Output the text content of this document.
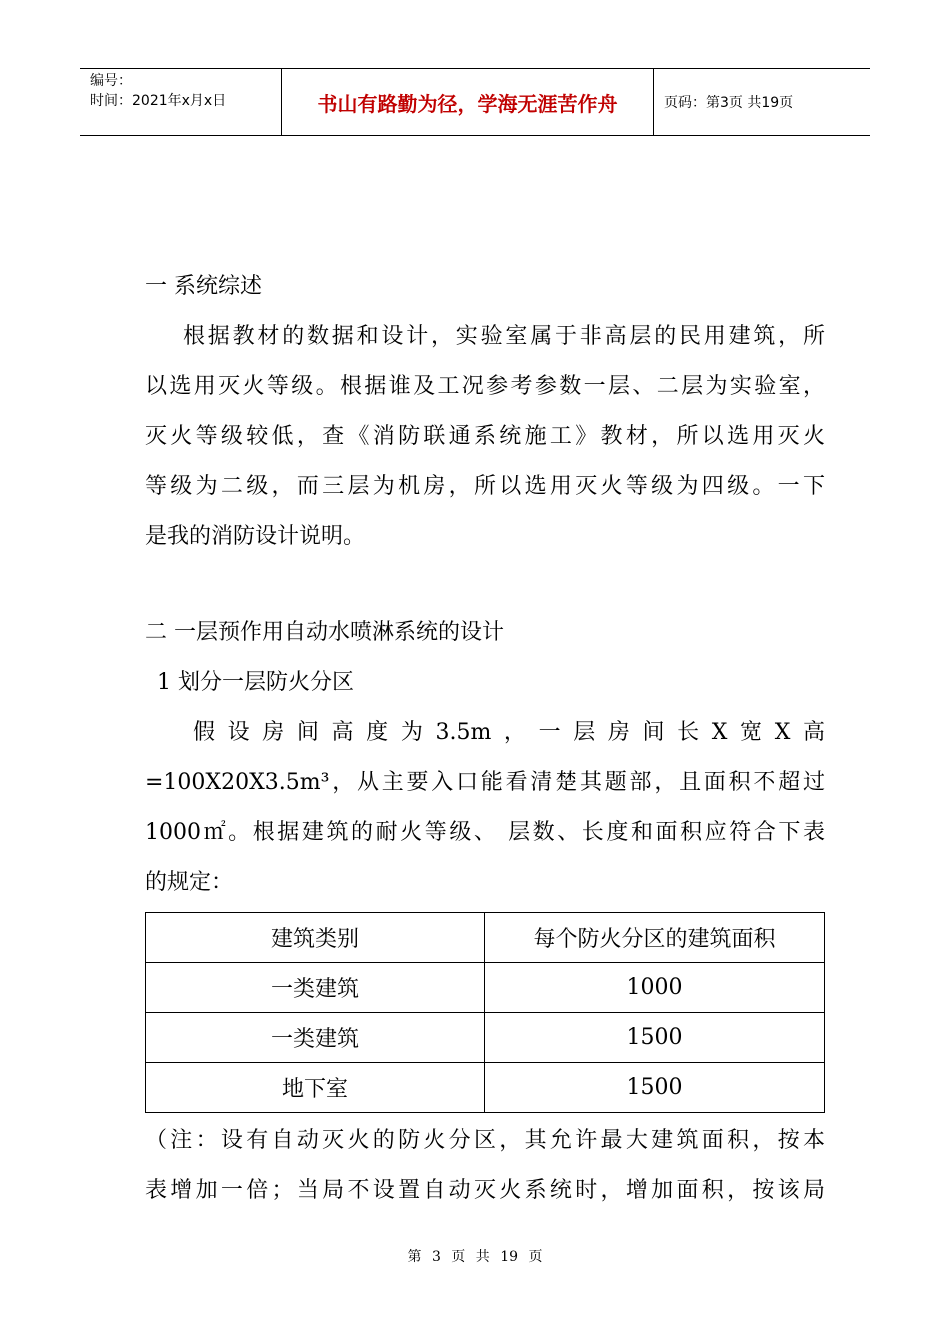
编号：
时间：2021年x月x日	书山有路勤为径，学海无涯苦作舟	页码：第3页 共19页
一 系统综述
根据教材的数据和设计，实验室属于非高层的民用建筑，所
以选用灭火等级。根据谁及工况参考参数一层、二层为实验室，
灭火等级较低，查《消防联通系统施工》教材，所以选用灭火
等级为二级，而三层为机房，所以选用灭火等级为四级。一下
是我的消防设计说明。
二 一层预作用自动水喷淋系统的设计
1 划分一层防火分区
假设房间高度为3.5m，一层房间长X宽X高
=100X20X3.5m³，从主要入口能看清楚其题部，且面积不超过
1000㎡。根据建筑的耐火等级、 层数、长度和面积应符合下表
的规定：
建筑类别	每个防火分区的建筑面积
一类建筑	1000
一类建筑	1500
地下室	1500
（注：设有自动灭火的防火分区，其允许最大建筑面积，按本
表增加一倍；当局不设置自动灭火系统时，增加面积，按该局
第 3 页 共 19 页
